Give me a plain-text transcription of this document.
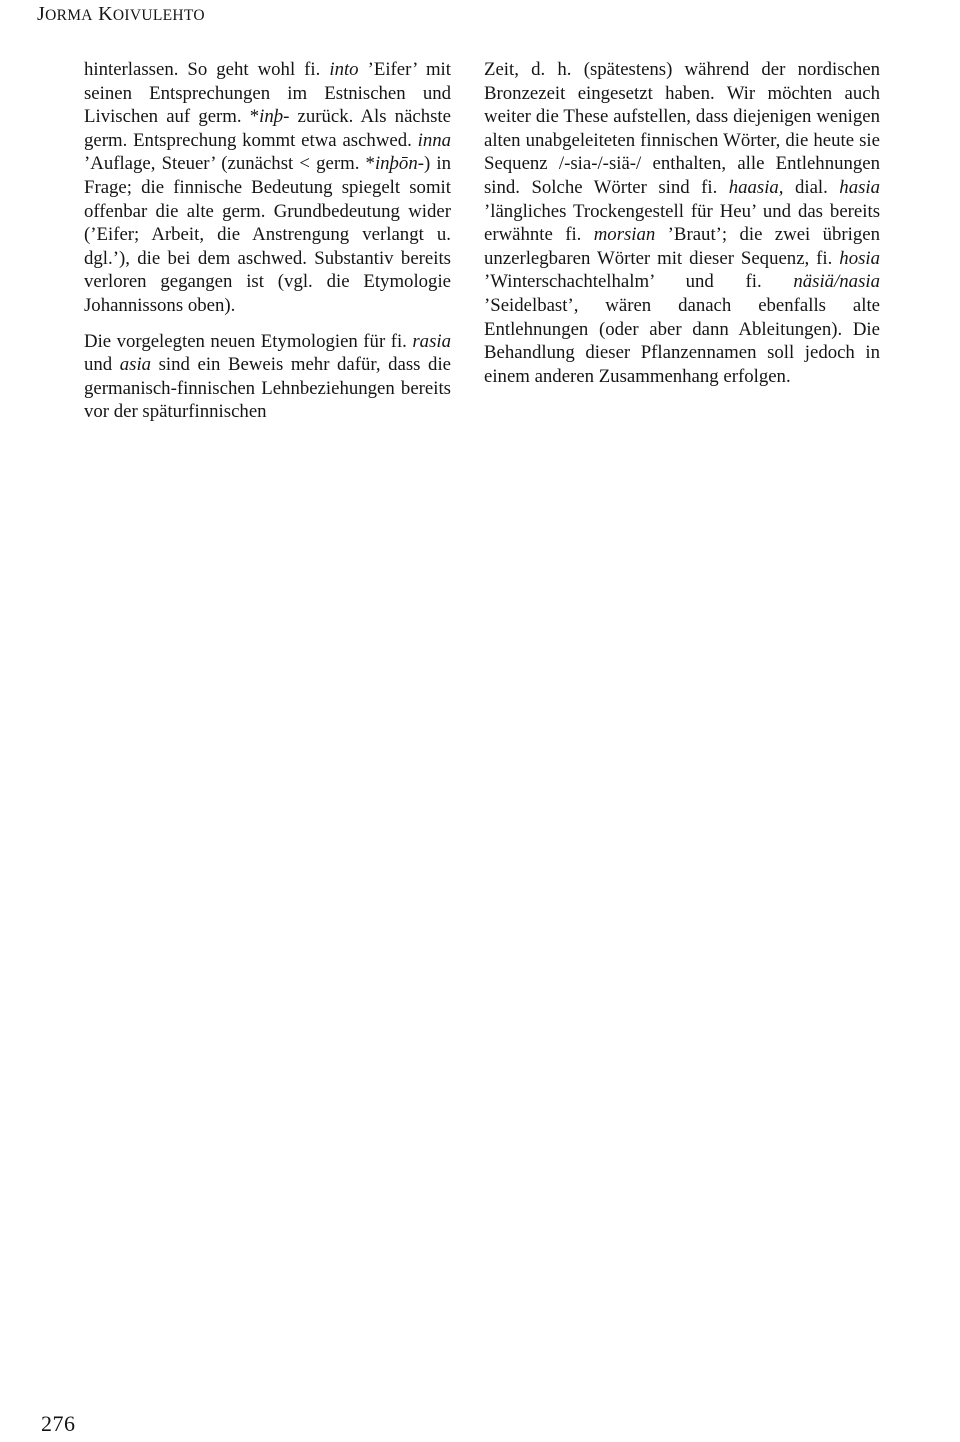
JORMA KOIVULEHTO

hinterlassen. So geht wohl fi. into ’Eifer’ mit seinen Entsprechungen im Estnischen und Livischen auf germ. *inþ- zurück. Als nächste germ. Entsprechung kommt etwa aschwed. inna ’Auflage, Steuer’ (zunächst < germ. *inþōn-) in Frage; die finnische Bedeutung spiegelt somit offenbar die alte germ. Grundbedeutung wider (’Eifer; Arbeit, die Anstrengung verlangt u. dgl.’), die bei dem aschwed. Substantiv bereits verloren gegangen ist (vgl. die Etymologie Johannissons oben).

Die vorgelegten neuen Etymologien für fi. rasia und asia sind ein Beweis mehr dafür, dass die germanisch-finnischen Lehnbeziehungen bereits vor der späturfinnischen

Zeit, d. h. (spätestens) während der nordischen Bronzezeit eingesetzt haben. Wir möchten auch weiter die These aufstellen, dass diejenigen wenigen alten unabgeleiteten finnischen Wörter, die heute sie Sequenz /-sia-/-siä-/ enthalten, alle Entlehnungen sind. Solche Wörter sind fi. haasia, dial. hasia ’längliches Trockengestell für Heu’ und das bereits erwähnte fi. morsian ’Braut’; die zwei übrigen unzerlegbaren Wörter mit dieser Sequenz, fi. hosia ’Winterschachtelhalm’ und fi. näsiä/nasia ’Seidelbast’, wären danach ebenfalls alte Entlehnungen (oder aber dann Ableitungen). Die Behandlung dieser Pflanzennamen soll jedoch in einem anderen Zusammenhang erfolgen.

276
